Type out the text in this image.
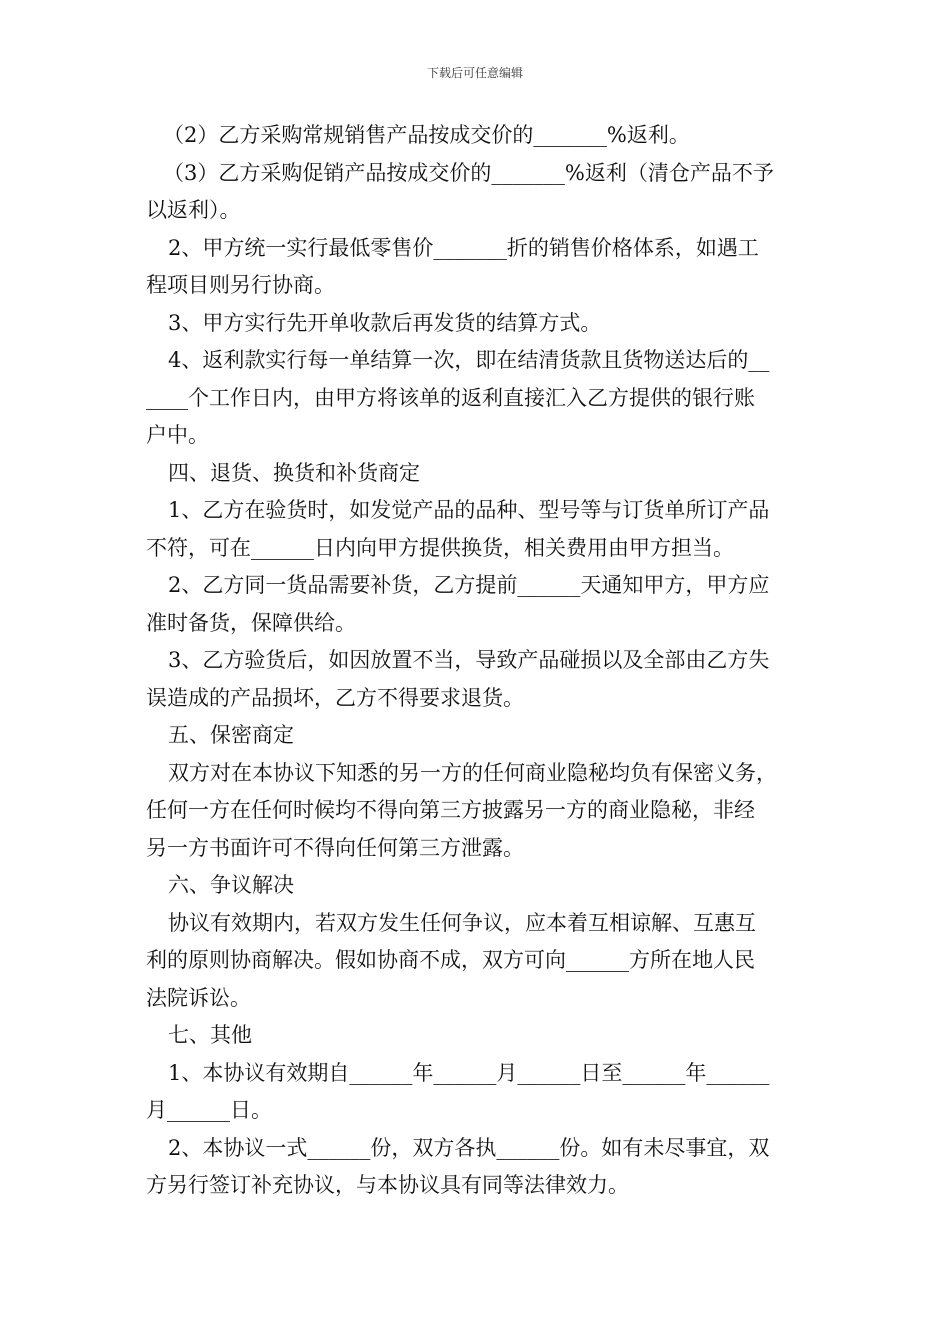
下载后可任意编辑

（2）乙方采购常规销售产品按成交价的_______%返利。

（3）乙方采购促销产品按成交价的_______%返利（清仓产品不予
以返利）。

2、甲方统一实行最低零售价_______折的销售价格体系，如遇工
程项目则另行协商。

3、甲方实行先开单收款后再发货的结算方式。

4、返利款实行每一单结算一次，即在结清货款且货物送达后的__
____个工作日内，由甲方将该单的返利直接汇入乙方提供的银行账
户中。

四、退货、换货和补货商定

1、乙方在验货时，如发觉产品的品种、型号等与订货单所订产品
不符，可在______日内向甲方提供换货，相关费用由甲方担当。

2、乙方同一货品需要补货，乙方提前______天通知甲方，甲方应
准时备货，保障供给。

3、乙方验货后，如因放置不当，导致产品碰损以及全部由乙方失
误造成的产品损坏，乙方不得要求退货。

五、保密商定

双方对在本协议下知悉的另一方的任何商业隐秘均负有保密义务，
任何一方在任何时候均不得向第三方披露另一方的商业隐秘，非经
另一方书面许可不得向任何第三方泄露。

六、争议解决

协议有效期内，若双方发生任何争议，应本着互相谅解、互惠互
利的原则协商解决。假如协商不成，双方可向______方所在地人民
法院诉讼。

七、其他

1、本协议有效期自______年______月______日至______年______
月______日。

2、本协议一式______份，双方各执______份。如有未尽事宜，双
方另行签订补充协议，与本协议具有同等法律效力。
